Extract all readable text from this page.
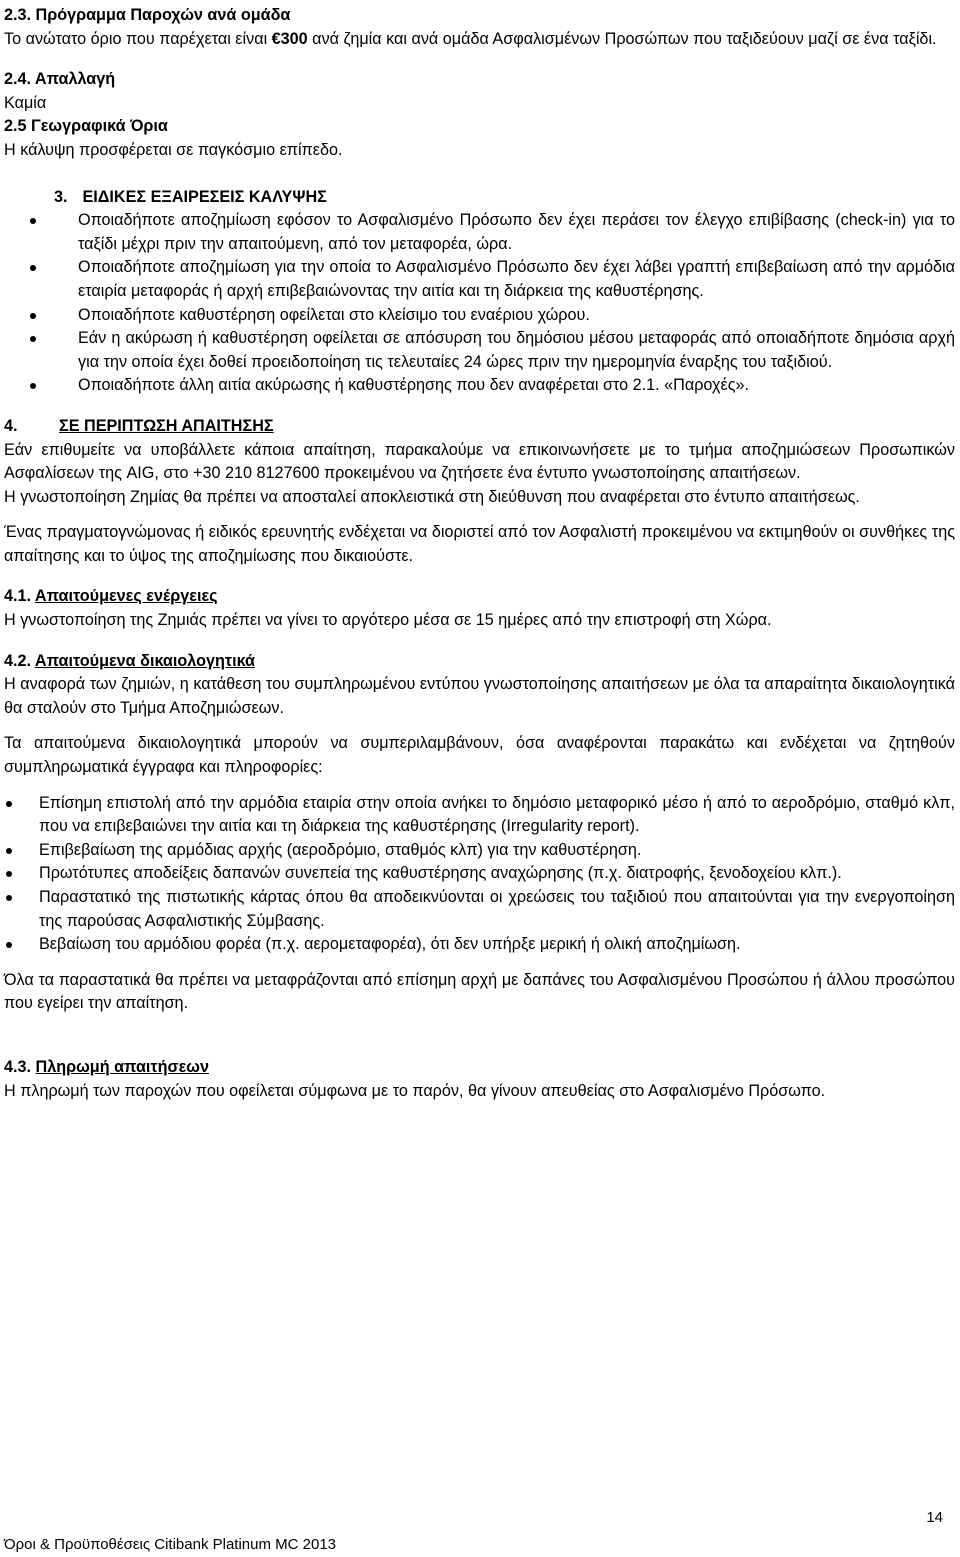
2.3. Πρόγραμμα Παροχών ανά ομάδα

Το ανώτατο όριο που παρέχεται είναι €300 ανά ζημία και ανά ομάδα Ασφαλισμένων Προσώπων που ταξιδεύουν μαζί σε ένα ταξίδι.

2.4. Απαλλαγή

Καμία

2.5 Γεωγραφικά Όρια

Η κάλυψη προσφέρεται σε παγκόσμιο επίπεδο.

3. ΕΙΔΙΚΕΣ ΕΞΑΙΡΕΣΕΙΣ ΚΑΛΥΨΗΣ

Οποιαδήποτε αποζημίωση εφόσον το Ασφαλισμένο Πρόσωπο δεν έχει περάσει τον έλεγχο επιβίβασης (check-in) για το ταξίδι μέχρι πριν την απαιτούμενη, από τον μεταφορέα, ώρα.
Οποιαδήποτε αποζημίωση για την οποία το Ασφαλισμένο Πρόσωπο δεν έχει λάβει γραπτή επιβεβαίωση από την αρμόδια εταιρία μεταφοράς ή αρχή επιβεβαιώνοντας την αιτία και τη διάρκεια της καθυστέρησης.
Οποιαδήποτε καθυστέρηση οφείλεται στο κλείσιμο του εναέριου χώρου.
Εάν η ακύρωση ή καθυστέρηση οφείλεται σε απόσυρση του δημόσιου μέσου μεταφοράς από οποιαδήποτε δημόσια αρχή για την οποία έχει δοθεί προειδοποίηση τις τελευταίες 24 ώρες πριν την ημερομηνία έναρξης του ταξιδιού.
Οποιαδήποτε άλλη αιτία ακύρωσης ή καθυστέρησης που δεν αναφέρεται στο 2.1. «Παροχές».

4.	ΣΕ ΠΕΡΙΠΤΩΣΗ ΑΠΑΙΤΗΣΗΣ

Εάν επιθυμείτε να υποβάλλετε κάποια απαίτηση, παρακαλούμε να επικοινωνήσετε με το τμήμα αποζημιώσεων Προσωπικών Ασφαλίσεων της AIG, στο +30 210 8127600 προκειμένου να ζητήσετε ένα έντυπο γνωστοποίησης απαιτήσεων.

Η γνωστοποίηση Ζημίας θα πρέπει να αποσταλεί αποκλειστικά στη διεύθυνση που αναφέρεται στο έντυπο απαιτήσεως.

Ένας πραγματογνώμονας ή ειδικός ερευνητής ενδέχεται να διοριστεί από τον Ασφαλιστή προκειμένου να εκτιμηθούν οι συνθήκες της απαίτησης και το ύψος της αποζημίωσης που δικαιούστε.

4.1. Απαιτούμενες ενέργειες

Η γνωστοποίηση της Ζημιάς πρέπει να γίνει το αργότερο μέσα σε 15 ημέρες από την επιστροφή στη Χώρα.

4.2. Απαιτούμενα δικαιολογητικά

Η αναφορά των ζημιών, η κατάθεση του συμπληρωμένου εντύπου γνωστοποίησης απαιτήσεων με όλα τα απαραίτητα δικαιολογητικά θα σταλούν στο Τμήμα Αποζημιώσεων.

Τα απαιτούμενα δικαιολογητικά μπορούν να συμπεριλαμβάνουν, όσα αναφέρονται παρακάτω και ενδέχεται να ζητηθούν συμπληρωματικά έγγραφα και πληροφορίες:

Επίσημη επιστολή από την αρμόδια εταιρία στην οποία ανήκει το δημόσιο μεταφορικό μέσο ή από το αεροδρόμιο, σταθμό κλπ, που να επιβεβαιώνει την αιτία και τη διάρκεια της καθυστέρησης (Irregularity report).
Επιβεβαίωση της αρμόδιας αρχής (αεροδρόμιο, σταθμός κλπ) για την καθυστέρηση.
Πρωτότυπες αποδείξεις δαπανών συνεπεία της καθυστέρησης αναχώρησης (π.χ. διατροφής, ξενοδοχείου κλπ.).
Παραστατικό της πιστωτικής κάρτας όπου θα αποδεικνύονται οι χρεώσεις του ταξιδιού που απαιτούνται για την ενεργοποίηση της παρούσας Ασφαλιστικής Σύμβασης.
Βεβαίωση του αρμόδιου φορέα (π.χ. αερομεταφορέα), ότι δεν υπήρξε μερική ή ολική αποζημίωση.

Όλα τα παραστατικά θα πρέπει να μεταφράζονται από επίσημη αρχή με δαπάνες του Ασφαλισμένου Προσώπου ή άλλου προσώπου που εγείρει την απαίτηση.

4.3. Πληρωμή απαιτήσεων

Η πληρωμή των παροχών που οφείλεται σύμφωνα με το παρόν, θα γίνουν απευθείας στο Ασφαλισμένο Πρόσωπο.

14
Όροι & Προϋποθέσεις Citibank Platinum MC 2013
